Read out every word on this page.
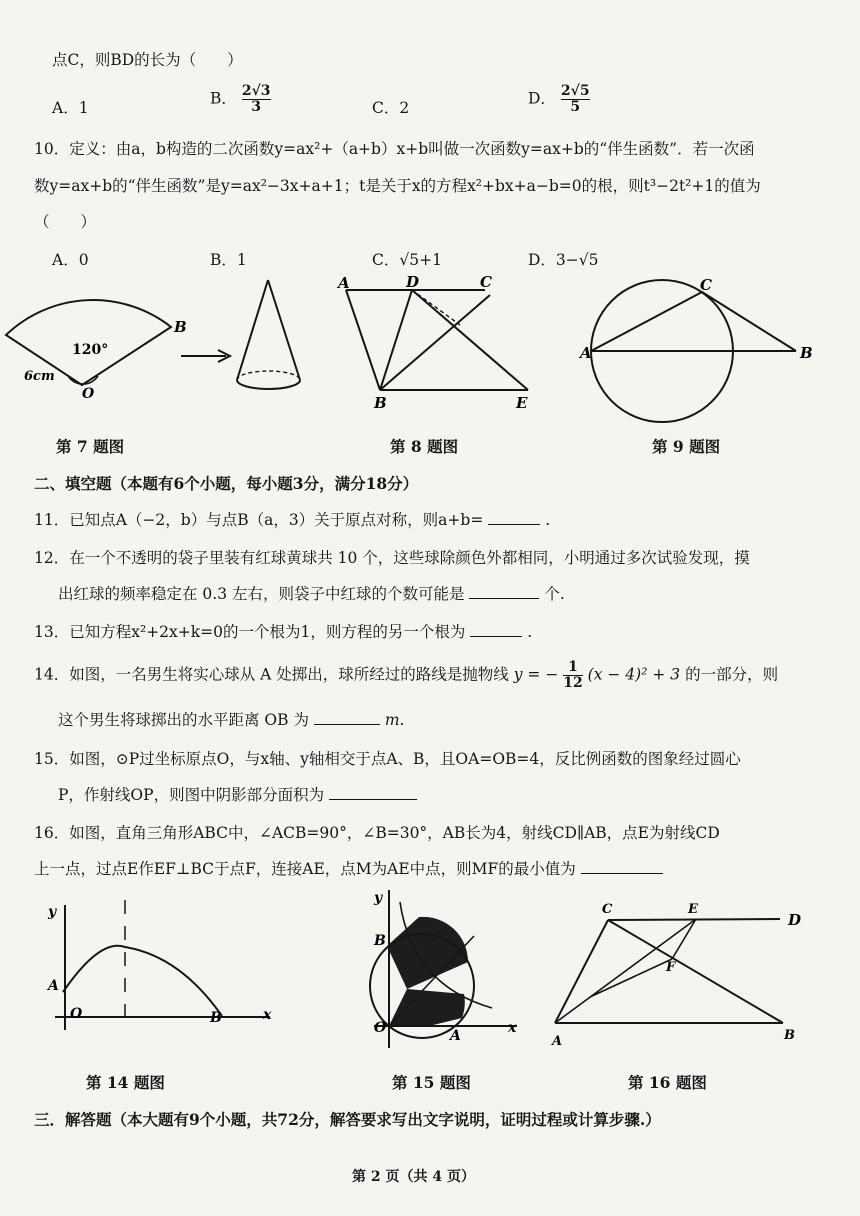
点C，则BD的长为（　　）
A．1
B． $\frac{2√3}{3}$	C．2
D． $\frac{2√5}{5}$
10．定义：由a，b构造的二次函数y=ax²+（a+b）x+b叫做一次函数y=ax+b的“伴生函数”．若一次函
数y=ax+b的“伴生函数”是y=ax²−3x+a+1；t是关于x的方程x²+bx+a−b=0的根，则t³−2t²+1的值为
（　　）
A．0	B．1	C．√5+1	D．3−√5
B
O
120°
6cm
第 7 题图
A	D	C
B	E
第 8 题图
A	B
C
第 9 题图
二、填空题（本题有6个小题，每小题3分，满分18分）
11．已知点A（−2，b）与点B（a，3）关于原点对称，则a+b=	.
12．在一个不透明的袋子里装有红球黄球共 10 个，这些球除颜色外都相同，小明通过多次试验发现，摸
出红球的频率稳定在 0.3 左右，则袋子中红球的个数可能是	个.
13．已知方程x²+2x+k=0的一个根为1，则方程的另一个根为	.
14．如图，一名男生将实心球从 A 处掷出，球所经过的路线是抛物线 y = − $\frac{1}{12} (x - 4)^2 + 3$ 的一部分，则
这个男生将球掷出的水平距离 OB 为	m.
15．如图，⊙P过坐标原点O，与x轴、y轴相交于点A、B，且OA=OB=4，反比例函数的图象经过圆心
P，作射线OP，则图中阴影部分面积为
16．如图，直角三角形ABC中，∠ACB=90°，∠B=30°，AB长为4，射线CD∥AB，点E为射线CD
上一点，过点E作EF⊥BC于点F，连接AE，点M为AE中点，则MF的最小值为
y
A
O	B	x
第 14 题图
y
B
O	A	x
第 15 题图
C	E
D
F
A	B
第 16 题图
三．解答题（本大题有9个小题，共72分，解答要求写出文字说明，证明过程或计算步骤.）
第 2 页（共 4 页）
